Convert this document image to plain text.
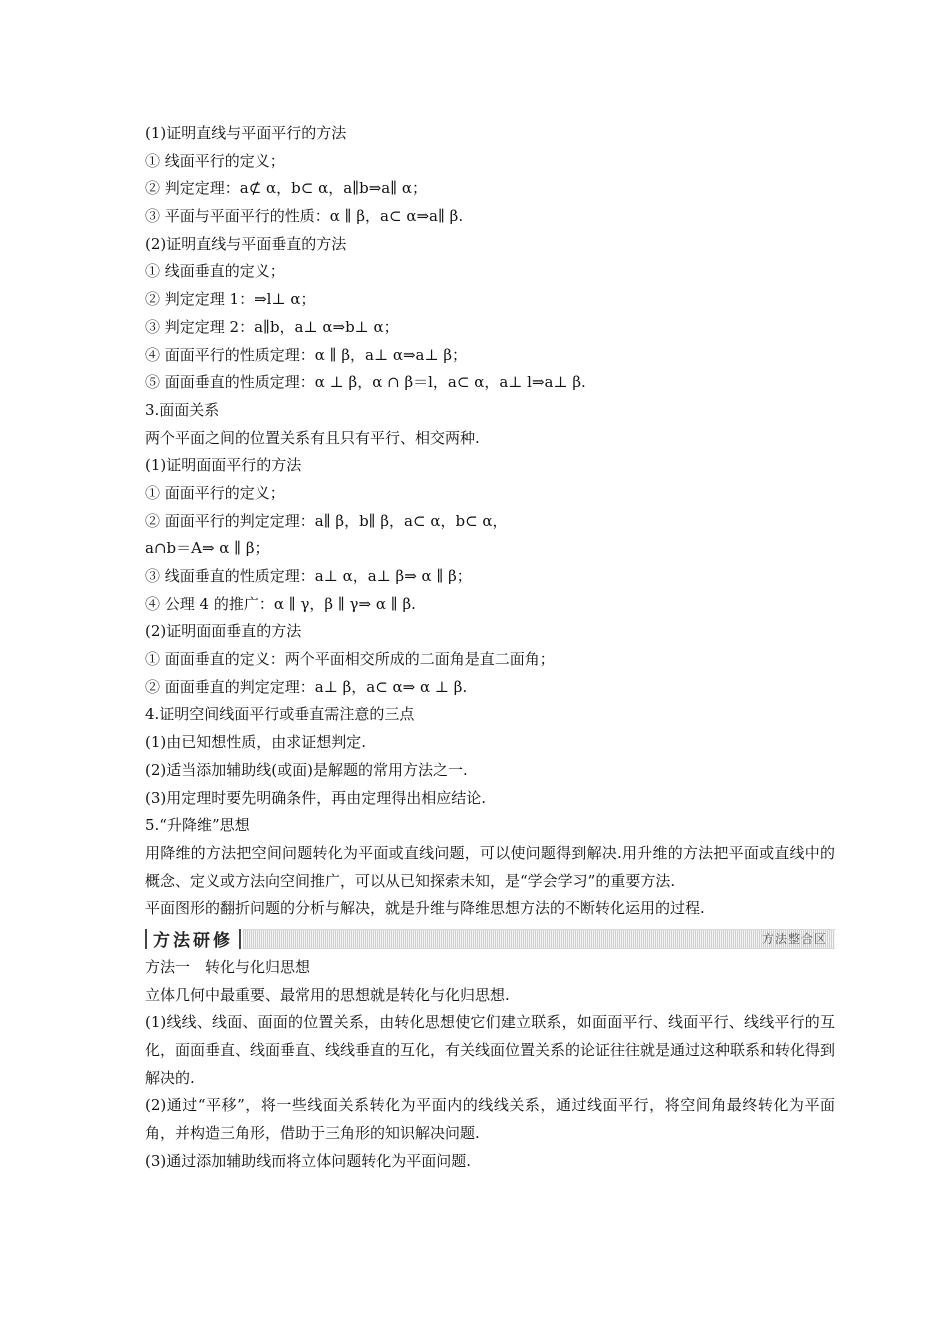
(1)证明直线与平面平行的方法
① 线面平行的定义；
② 判定定理：a⊄ α，b⊂ α，a∥b⇒a∥ α；
③ 平面与平面平行的性质：α ∥ β，a⊂ α⇒a∥ β.
(2)证明直线与平面垂直的方法
① 线面垂直的定义；
② 判定定理 1：⇒l⊥ α；
③ 判定定理 2：a∥b，a⊥ α⇒b⊥ α；
④ 面面平行的性质定理：α ∥ β，a⊥ α⇒a⊥ β；
⑤ 面面垂直的性质定理：α ⊥ β，α ∩ β＝l，a⊂ α，a⊥ l⇒a⊥ β.
3.面面关系
两个平面之间的位置关系有且只有平行、相交两种.
(1)证明面面平行的方法
① 面面平行的定义；
② 面面平行的判定定理：a∥ β，b∥ β，a⊂ α，b⊂ α，
a∩b＝A⇒ α ∥ β；
③ 线面垂直的性质定理：a⊥ α，a⊥ β⇒ α ∥ β；
④ 公理 4 的推广：α ∥ γ，β ∥ γ⇒ α ∥ β.
(2)证明面面垂直的方法
① 面面垂直的定义：两个平面相交所成的二面角是直二面角；
② 面面垂直的判定定理：a⊥ β，a⊂ α⇒ α ⊥ β.
4.证明空间线面平行或垂直需注意的三点
(1)由已知想性质，由求证想判定.
(2)适当添加辅助线(或面)是解题的常用方法之一.
(3)用定理时要先明确条件，再由定理得出相应结论.
5.“升降维”思想
用降维的方法把空间问题转化为平面或直线问题，可以使问题得到解决.用升维的方法把平面或直线中的概念、定义或方法向空间推广，可以从已知探索未知，是“学会学习”的重要方法.
平面图形的翻折问题的分析与解决，就是升维与降维思想方法的不断转化运用的过程.
方法研修	方法整合区
方法一　转化与化归思想
立体几何中最重要、最常用的思想就是转化与化归思想.
(1)线线、线面、面面的位置关系，由转化思想使它们建立联系，如面面平行、线面平行、线线平行的互化，面面垂直、线面垂直、线线垂直的互化，有关线面位置关系的论证往往就是通过这种联系和转化得到解决的.
(2)通过“平移”，将一些线面关系转化为平面内的线线关系，通过线面平行，将空间角最终转化为平面角，并构造三角形，借助于三角形的知识解决问题.
(3)通过添加辅助线而将立体问题转化为平面问题.
